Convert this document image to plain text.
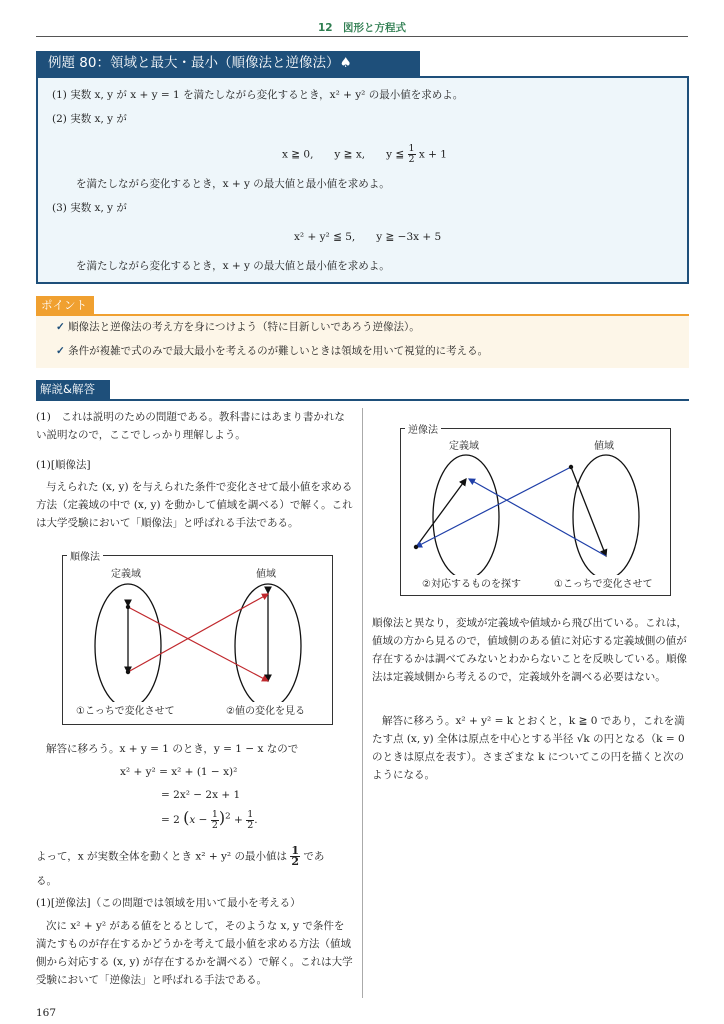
12　図形と方程式
例題 80：領域と最大・最小（順像法と逆像法）♠
(1) 実数 x, y が x + y = 1 を満たしながら変化するとき，x² + y² の最小値を求めよ。
(2) 実数 x, y が
x ≧ 0,　　y ≧ x,　　y ≦ $\frac{1}{2}$ x + 1
を満たしながら変化するとき，x + y の最大値と最小値を求めよ。
(3) 実数 x, y が
x² + y² ≦ 5,　　y ≧ −3x + 5
を満たしながら変化するとき，x + y の最大値と最小値を求めよ。
ポイント
✓ 順像法と逆像法の考え方を身につけよう（特に目新しいであろう逆像法）。
✓ 条件が複雑で式のみで最大最小を考えるのが難しいときは領域を用いて視覚的に考える。
解説&解答
(1)　これは説明のための問題である。教科書にはあまり書かれない説明なので，ここでしっかり理解しよう。
(1)[順像法]
与えられた (x, y) を与えられた条件で変化させて最小値を求める方法（定義域の中で (x, y) を動かして値域を調べる）で解く。これは大学受験において「順像法」と呼ばれる手法である。
順像法
定義域	値域
①こっちで変化させて	②値の変化を見る
解答に移ろう。x + y = 1 のとき，y = 1 − x なので
x² + y² = x² + (1 − x)²
= 2x² − 2x + 1
= 2 $(x - \frac{1}{2} )^2 + \frac{1}{2}$ .
よって，x が実数全体を動くとき x² + y² の最小値は $\frac{1}{2}$ であ
る。
(1)[逆像法]（この問題では領域を用いて最小を考える）
次に x² + y² がある値をとるとして，そのような x, y で条件を満たすものが存在するかどうかを考えて最小値を求める方法（値域側から対応する (x, y) が存在するかを調べる）で解く。これは大学受験において「逆像法」と呼ばれる手法である。
逆像法
定義域	値域
②対応するものを探す	①こっちで変化させて
順像法と異なり，変域が定義域や値域から飛び出ている。これは，値域の方から見るので，値域側のある値に対応する定義域側の値が存在するかは調べてみないとわからないことを反映している。順像法は定義域側から考えるので，定義域外を調べる必要はない。
解答に移ろう。x² + y² = k とおくと，k ≧ 0 であり，これを満たす点 (x, y) 全体は原点を中心とする半径 √k の円となる（k = 0 のときは原点を表す）。さまざまな k についてこの円を描くと次のようになる。
167
